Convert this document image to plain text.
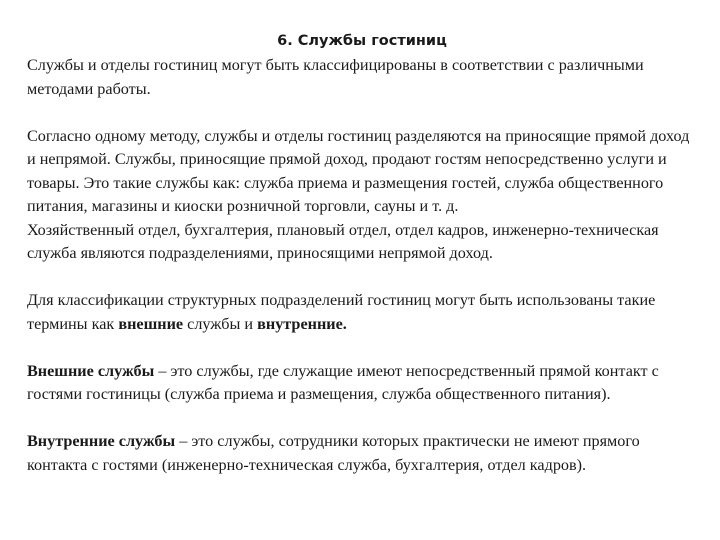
6. Службы гостиниц

Службы и отделы гостиниц могут быть классифицированы в соответствии с различными методами работы.

Согласно одному методу, службы и отделы гостиниц разделяются на приносящие прямой доход и непрямой. Службы, приносящие прямой доход, продают гостям непосредственно услуги и товары. Это такие службы как: служба приема и размещения гостей, служба общественного питания, магазины и киоски розничной торговли, сауны и т. д.

Хозяйственный отдел, бухгалтерия, плановый отдел, отдел кадров, инженерно-техническая служба являются подразделениями, приносящими непрямой доход.

Для классификации структурных подразделений гостиниц могут быть использованы такие термины как внешние службы и внутренние.

Внешние службы – это службы, где служащие имеют непосредственный прямой контакт с гостями гостиницы (служба приема и размещения, служба общественного питания).

Внутренние службы – это службы, сотрудники которых практически не имеют прямого контакта с гостями (инженерно-техническая служба, бухгалтерия, отдел кадров).
